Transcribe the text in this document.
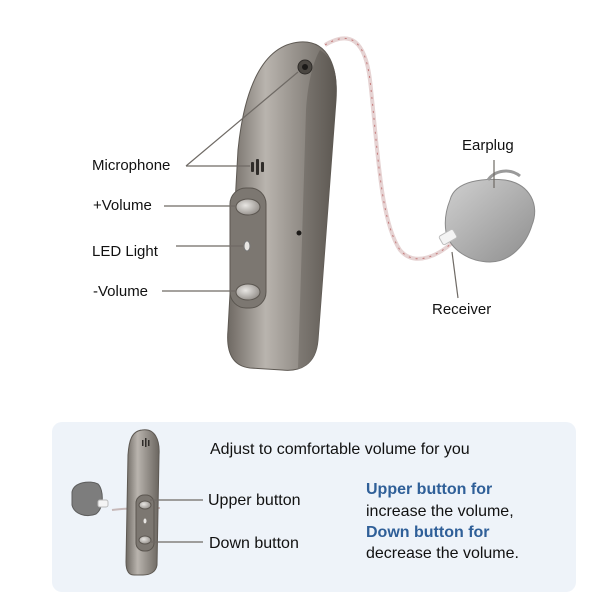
Microphone
+Volume
LED Light
-Volume
Earplug
Receiver
Adjust to comfortable volume for you
Upper button
Down button
Upper button for
increase the volume,
Down button for
decrease the volume.
